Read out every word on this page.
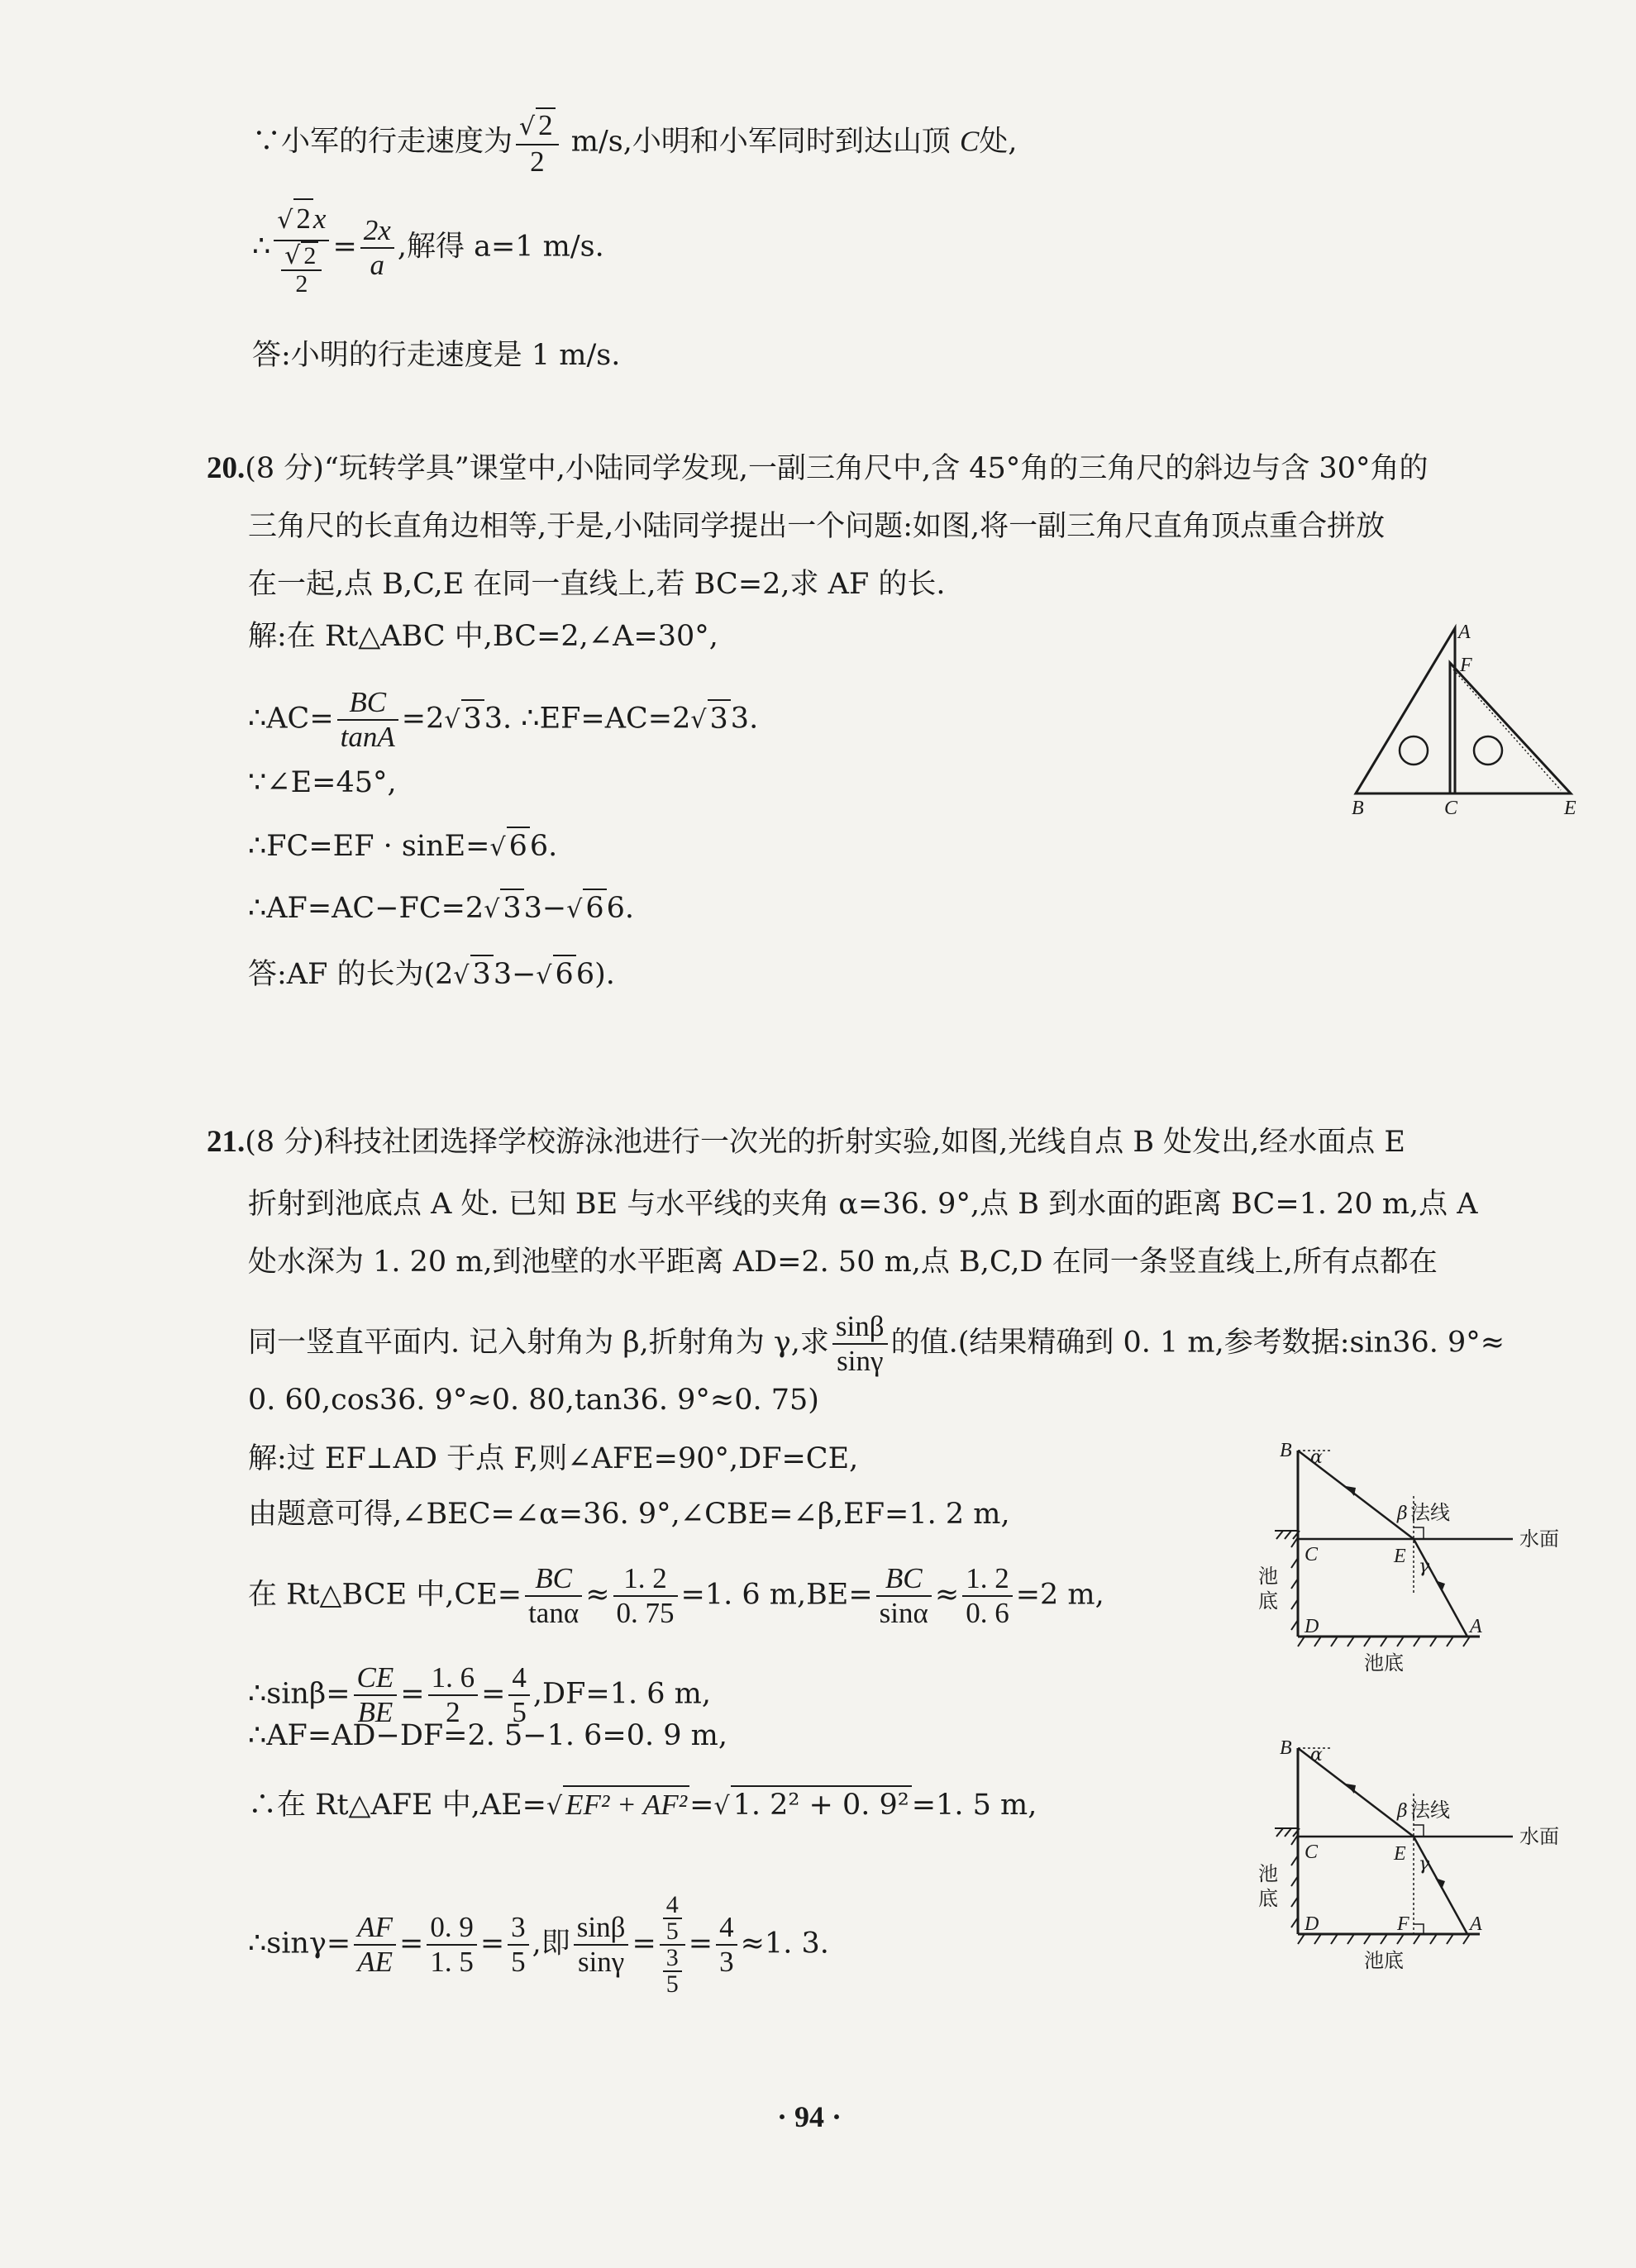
∵小军的行走速度为 $\frac{√ 2}{2} m/s$,小明和小军同时到达山顶 C处,
∴ $\frac{√ 2x}{\frac{√ 2}{2}} = \frac{2x}{a}$ ,解得 a=1 m/s.
答:小明的行走速度是 1 m/s.
20.(8 分)“玩转学具”课堂中,小陆同学发现,一副三角尺中,含 45°角的三角尺的斜边与含 30°角的
三角尺的长直角边相等,于是,小陆同学提出一个问题:如图,将一副三角尺直角顶点重合拼放
在一起,点 B,C,E 在同一直线上,若 BC=2,求 AF 的长.
解:在 Rt△ABC 中,BC=2,∠A=30°,
∴AC= $\frac{BC}{\tan A} =2√$ 33. ∴EF=AC=2√ 33.
∵∠E=45°,
∴FC=EF · sinE=√ 66.
∴AF=AC−FC=2√ 33−√ 66.
答:AF 的长为(2√ 33−√ 66).
A
F
B	C	E
21.(8 分)科技社团选择学校游泳池进行一次光的折射实验,如图,光线自点 B 处发出,经水面点 E
折射到池底点 A 处. 已知 BE 与水平线的夹角 α=36. 9°,点 B 到水面的距离 BC=1. 20 m,点 A
处水深为 1. 20 m,到池壁的水平距离 AD=2. 50 m,点 B,C,D 在同一条竖直线上,所有点都在
同一竖直平面内. 记入射角为 β,折射角为 γ,求 $\frac{\sin\beta}{\sin\gamma}$ 的值.(结果精确到 0. 1 m,参考数据:sin36. 9°≈
0. 60,cos36. 9°≈0. 80,tan36. 9°≈0. 75)
解:过 EF⊥AD 于点 F,则∠AFE=90°,DF=CE,
由题意可得,∠BEC=∠α=36. 9°,∠CBE=∠β,EF=1. 2 m,
在 Rt△BCE 中$,CE= \frac{BC}{\tan\alpha} \approx \frac{1. 2}{0. 75} =1$. 6 $m,BE= \frac{BC}{\sin\alpha} \approx \frac{1. 2}{0. 6} =2$ m,
∴sinβ= $\frac{CE}{BE} = \frac{1. 6}{2} = \frac{4}{5} ,DF=1$. 6 m,
∴AF=AD−DF=2. 5−1. 6=0. 9 m,
∴在 Rt△AFE 中,AE=√ EF² + AF²=√ 1. 2² + 0. 9²=1. 5 m,
∴sinγ= $\frac{AF}{AE} = \frac{0. 9}{1. 5} = \frac{3}{5}$ ,即 $\frac{\sin\beta}{\sin\gamma} = \frac{\frac{4}{5}}{\frac{3}{5}} = \frac{4}{3} \approx 1$. 3.
B α
β 法线
水面
C	E γ
池
底
D	A
池底
B α
β 法线
水面
C	E γ
池
底
D	F	A
池底
· 94 ·
